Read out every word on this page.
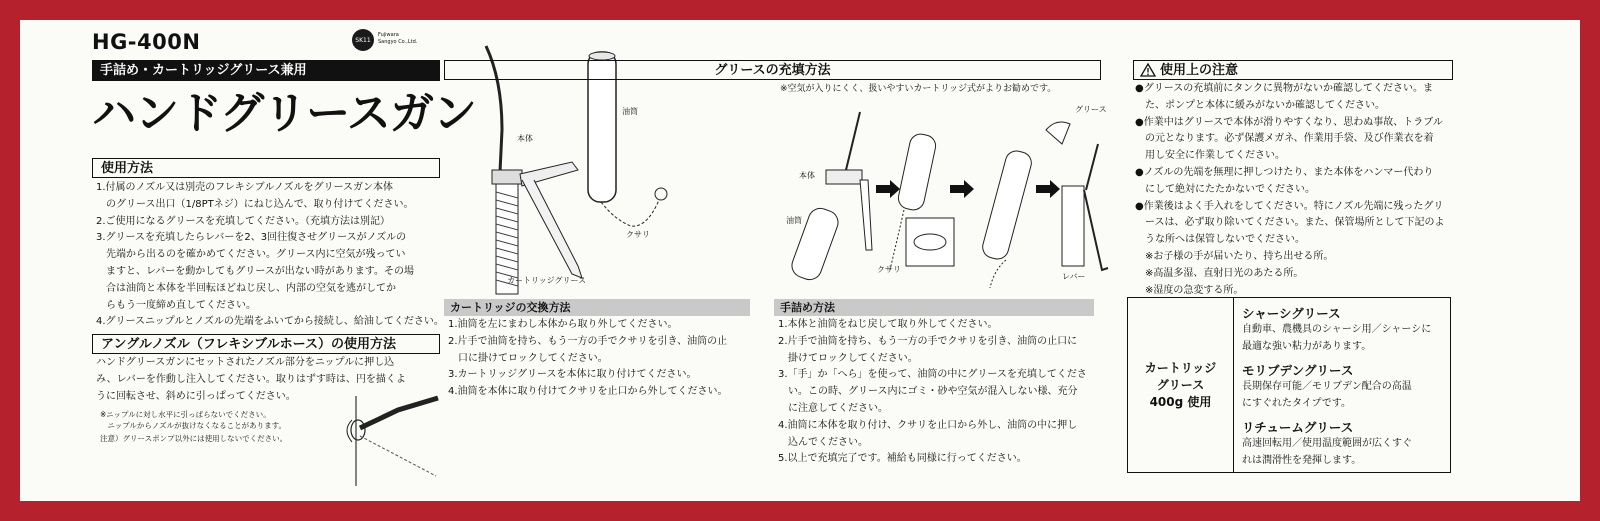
HG-400N	SK11
Fujiwara
Sangyo Co.,Ltd.
手詰め・カートリッジグリース兼用
ハンドグリースガン
使用方法

1.付属のノズル又は別売のフレキシブルノズルをグリースガン本体

　のグリース出口（1/8PTネジ）にねじ込んで、取り付けてください。

2.ご使用になるグリースを充填してください。（充填方法は別記）

3.グリースを充填したらレバーを2、3回往復させグリースがノズルの

　先端から出るのを確かめてください。グリース内に空気が残ってい

　ますと、レバーを動かしてもグリースが出ない時があります。その場

　合は油筒と本体を半回転ほどねじ戻し、内部の空気を逃がしてか

　らもう一度締め直してください。

4.グリースニップルとノズルの先端をふいてから接続し、給油してください。

アングルノズル（フレキシブルホース）の使用方法

ハンドグリースガンにセットされたノズル部分をニップルに押し込

み、レバーを作動し注入してください。取りはずす時は、円を描くよ

うに回転させ、斜めに引っぱってください。

※ニップルに対し水平に引っぱらないでください。

　ニップルからノズルが抜けなくなることがあります。

注意）グリースポンプ以外には使用しないでください。

本体
カートリッジグリース
油筒
クサリ
グリースの充填方法
※空気が入りにくく、扱いやすいカートリッジ式がよりお勧めです。
本体
油筒
クサリ
グリース
レバー
カートリッジの交換方法

1.油筒を左にまわし本体から取り外してください。

2.片手で油筒を持ち、もう一方の手でクサリを引き、油筒の止

　口に掛けてロックしてください。

3.カートリッジグリースを本体に取り付けてください。

4.油筒を本体に取り付けてクサリを止口から外してください。

手詰め方法

1.本体と油筒をねじ戻して取り外してください。

2.片手で油筒を持ち、もう一方の手でクサリを引き、油筒の止口に

　掛けてロックしてください。

3.「手」か「へら」を使って、油筒の中にグリースを充填してくださ

　い。この時、グリース内にゴミ・砂や空気が混入しない様、充分

　に注意してください。

4.油筒に本体を取り付け、クサリを止口から外し、油筒の中に押し

　込んでください。

5.以上で充填完了です。補給も同様に行ってください。

使用上の注意

●グリースの充填前にタンクに異物がないか確認してください。ま

　た、ポンプと本体に緩みがないか確認してください。

●作業中はグリースで本体が滑りやすくなり、思わぬ事故、トラブル

　の元となります。必ず保護メガネ、作業用手袋、及び作業衣を着

　用し安全に作業してください。

●ノズルの先端を無理に押しつけたり、また本体をハンマー代わり

　にして絶対にたたかないでください。

●作業後はよく手入れをしてください。特にノズル先端に残ったグリ

　ースは、必ず取り除いてください。また、保管場所として下記のよ

　うな所へは保管しないでください。

　※お子様の手が届いたり、持ち出せる所。

　※高温多湿、直射日光のあたる所。

　※湿度の急変する所。

カートリッジ
グリース
400g 使用
シャーシグリース
自動車、農機具のシャーシ用／シャーシに
最適な強い粘力があります。
モリブデングリース
長期保存可能／モリブデン配合の高温
にすぐれたタイプです。
リチュームグリース
高速回転用／使用温度範囲が広くすぐ
れは潤滑性を発揮します。
